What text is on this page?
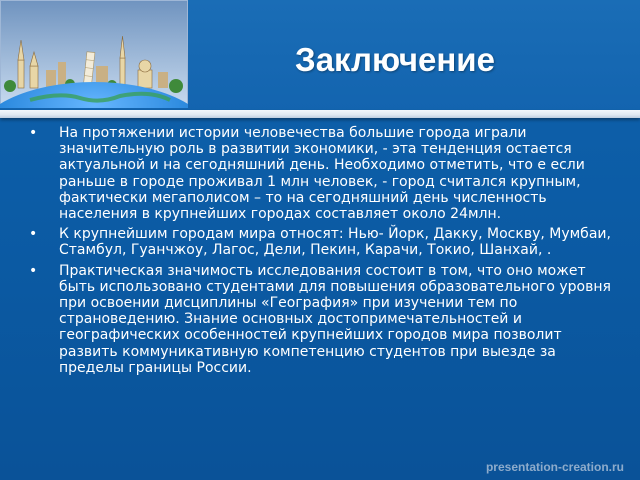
Заключение
• На протяжении истории человечества большие города играли значительную роль в развитии экономики, - эта тенденция остается актуальной и на сегодняшний день. Необходимо отметить, что е если раньше в городе проживал 1 млн человек, - город считался крупным, фактически мегаполисом – то на сегодняшний день численность населения в крупнейших городах составляет около 24млн.
• К крупнейшим городам мира относят: Нью- Йорк, Дакку, Москву, Мумбаи, Стамбул, Гуанчжоу, Лагос, Дели, Пекин, Карачи, Токио, Шанхай, .
• Практическая значимость исследования состоит в том, что оно может быть использовано студентами для повышения образовательного уровня при освоении дисциплины «География» при изучении тем по страноведению. Знание основных достопримечательностей и географических особенностей крупнейших городов мира позволит развить коммуникативную компетенцию студентов при выезде за пределы границы России.
presentation-creation.ru
